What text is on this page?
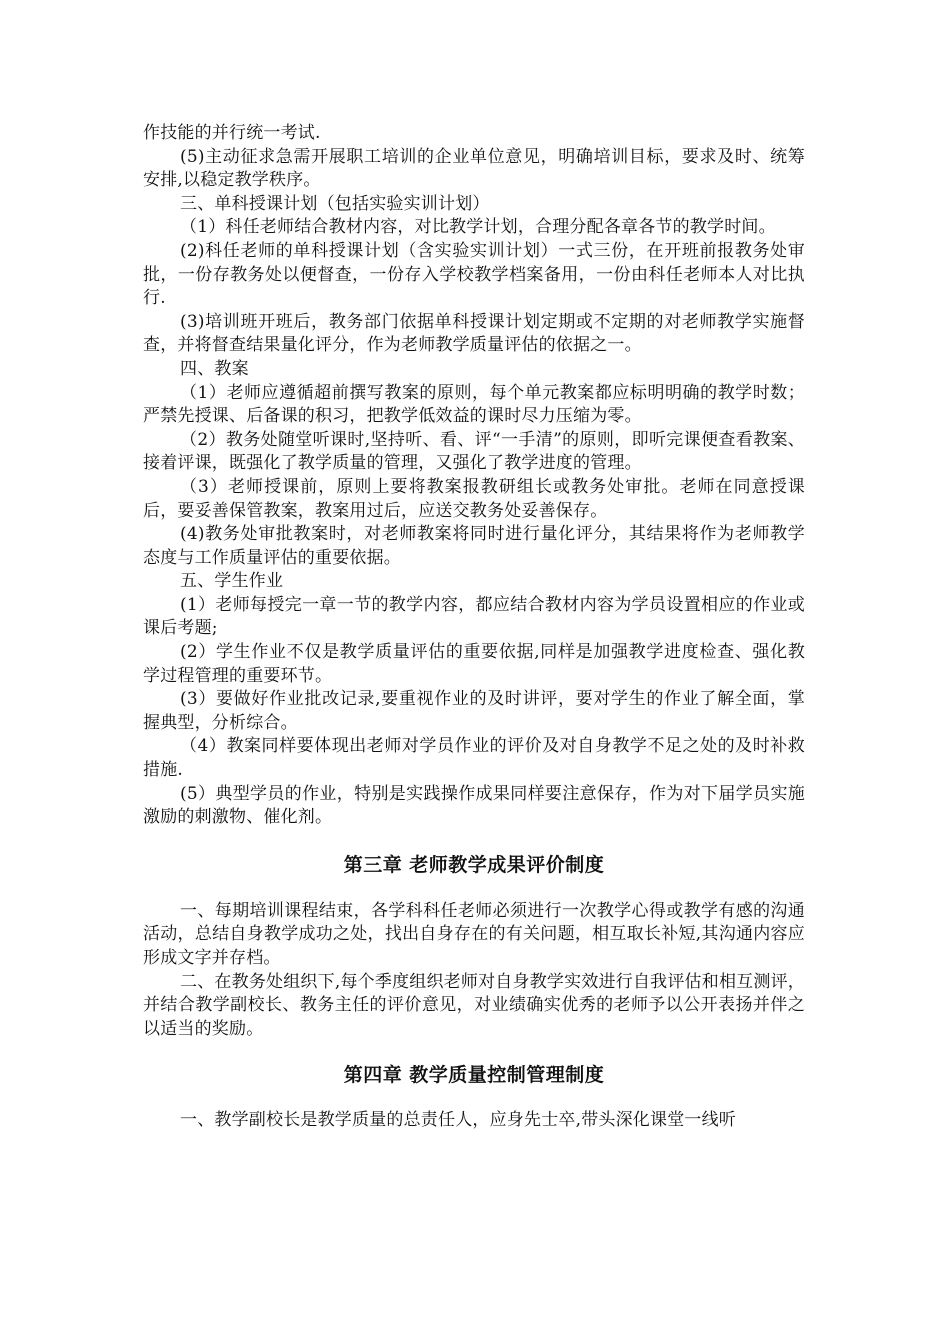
作技能的并行统一考试.

(5)主动征求急需开展职工培训的企业单位意见，明确培训目标，要求及时、统筹安排,以稳定教学秩序。

三、单科授课计划（包括实验实训计划）

（1）科任老师结合教材内容，对比教学计划，合理分配各章各节的教学时间。

(2)科任老师的单科授课计划（含实验实训计划）一式三份，在开班前报教务处审批，一份存教务处以便督查，一份存入学校教学档案备用，一份由科任老师本人对比执行.

(3)培训班开班后，教务部门依据单科授课计划定期或不定期的对老师教学实施督查，并将督查结果量化评分，作为老师教学质量评估的依据之一。

四、教案

（1）老师应遵循超前撰写教案的原则，每个单元教案都应标明明确的教学时数；严禁先授课、后备课的积习，把教学低效益的课时尽力压缩为零。

（2）教务处随堂听课时,坚持听、看、评“一手清”的原则，即听完课便查看教案、接着评课，既强化了教学质量的管理，又强化了教学进度的管理。

（3）老师授课前，原则上要将教案报教研组长或教务处审批。老师在同意授课后，要妥善保管教案，教案用过后，应送交教务处妥善保存。

(4)教务处审批教案时，对老师教案将同时进行量化评分，其结果将作为老师教学态度与工作质量评估的重要依据。

五、学生作业

(1）老师每授完一章一节的教学内容，都应结合教材内容为学员设置相应的作业或课后考题;

(2）学生作业不仅是教学质量评估的重要依据,同样是加强教学进度检查、强化教学过程管理的重要环节。

(3）要做好作业批改记录,要重视作业的及时讲评，要对学生的作业了解全面，掌握典型，分析综合。

（4）教案同样要体现出老师对学员作业的评价及对自身教学不足之处的及时补救措施.

(5）典型学员的作业，特别是实践操作成果同样要注意保存，作为对下届学员实施激励的刺激物、催化剂。

第三章 老师教学成果评价制度

一、每期培训课程结束，各学科科任老师必须进行一次教学心得或教学有感的沟通活动，总结自身教学成功之处，找出自身存在的有关问题，相互取长补短,其沟通内容应形成文字并存档。

二、在教务处组织下,每个季度组织老师对自身教学实效进行自我评估和相互测评，并结合教学副校长、教务主任的评价意见，对业绩确实优秀的老师予以公开表扬并伴之以适当的奖励。

第四章 教学质量控制管理制度

一、教学副校长是教学质量的总责任人，应身先士卒,带头深化课堂一线听
